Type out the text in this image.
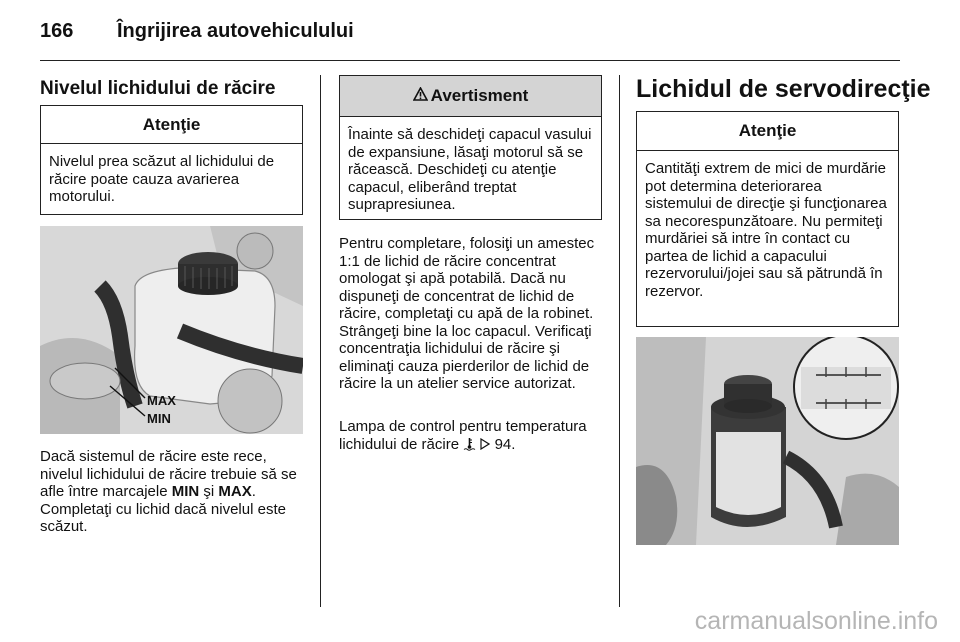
166 Îngrijirea autovehiculului
Nivelul lichidului de răcire
Atenţie
Nivelul prea scăzut al lichidului de răcire poate cauza avarierea motorului.
MAX
MIN

Dacă sistemul de răcire este rece, nivelul lichidului de răcire trebuie să se afle între marcajele MIN şi MAX. Completaţi cu lichid dacă nivelul este scăzut.

Avertisment
Înainte să deschideţi capacul vasului de expansiune, lăsaţi motorul să se răcească. Deschideţi cu atenţie capacul, eliberând treptat suprapresiunea.

Pentru completare, folosiţi un amestec 1:1 de lichid de răcire concentrat omologat şi apă potabilă. Dacă nu dispuneţi de concentrat de lichid de răcire, completaţi cu apă de la robinet. Strângeţi bine la loc capacul. Verificaţi concentraţia lichidului de răcire şi eliminaţi cauza pierderilor de lichid de răcire la un atelier service autorizat.

Lampa de control pentru temperatura lichidului de răcire 94.

Lichidul de servodirecţie
Atenţie
Cantităţi extrem de mici de murdărie pot determina deteriorarea sistemului de direcţie şi funcţionarea sa necorespunzătoare. Nu permiteţi murdăriei să intre în contact cu partea de lichid a capacului rezervorului/jojei sau să pătrundă în rezervor.
carmanualsonline.info
